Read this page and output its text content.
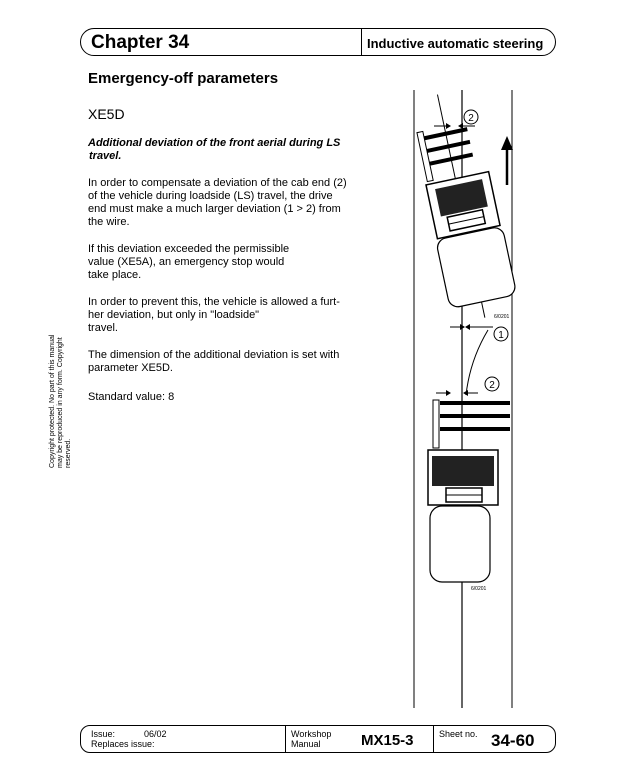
Chapter 34	Inductive automatic steering
Emergency-off parameters
XE5D
Additional deviation of the front aerial during LS
travel.
In order to compensate a deviation of the cab end (2)
of the vehicle during loadside (LS) travel, the drive
end must make a much larger deviation (1 > 2) from
the wire.
If this deviation exceeded the permissible
value (XE5A), an emergency stop would
take place.
In order to prevent this, the vehicle is allowed a furt-
her deviation, but only in "loadside"
travel.
The dimension of the additional deviation is set with
parameter XE5D.
Standard value: 8
Copyright protected. No part of this manual may be reproduced in any form. Copyright reserved.
2
6/0201
1
2
6/0201
Issue:	06/02
Replaces issue:
Workshop
Manual	MX15-3	Sheet no. 34-60
